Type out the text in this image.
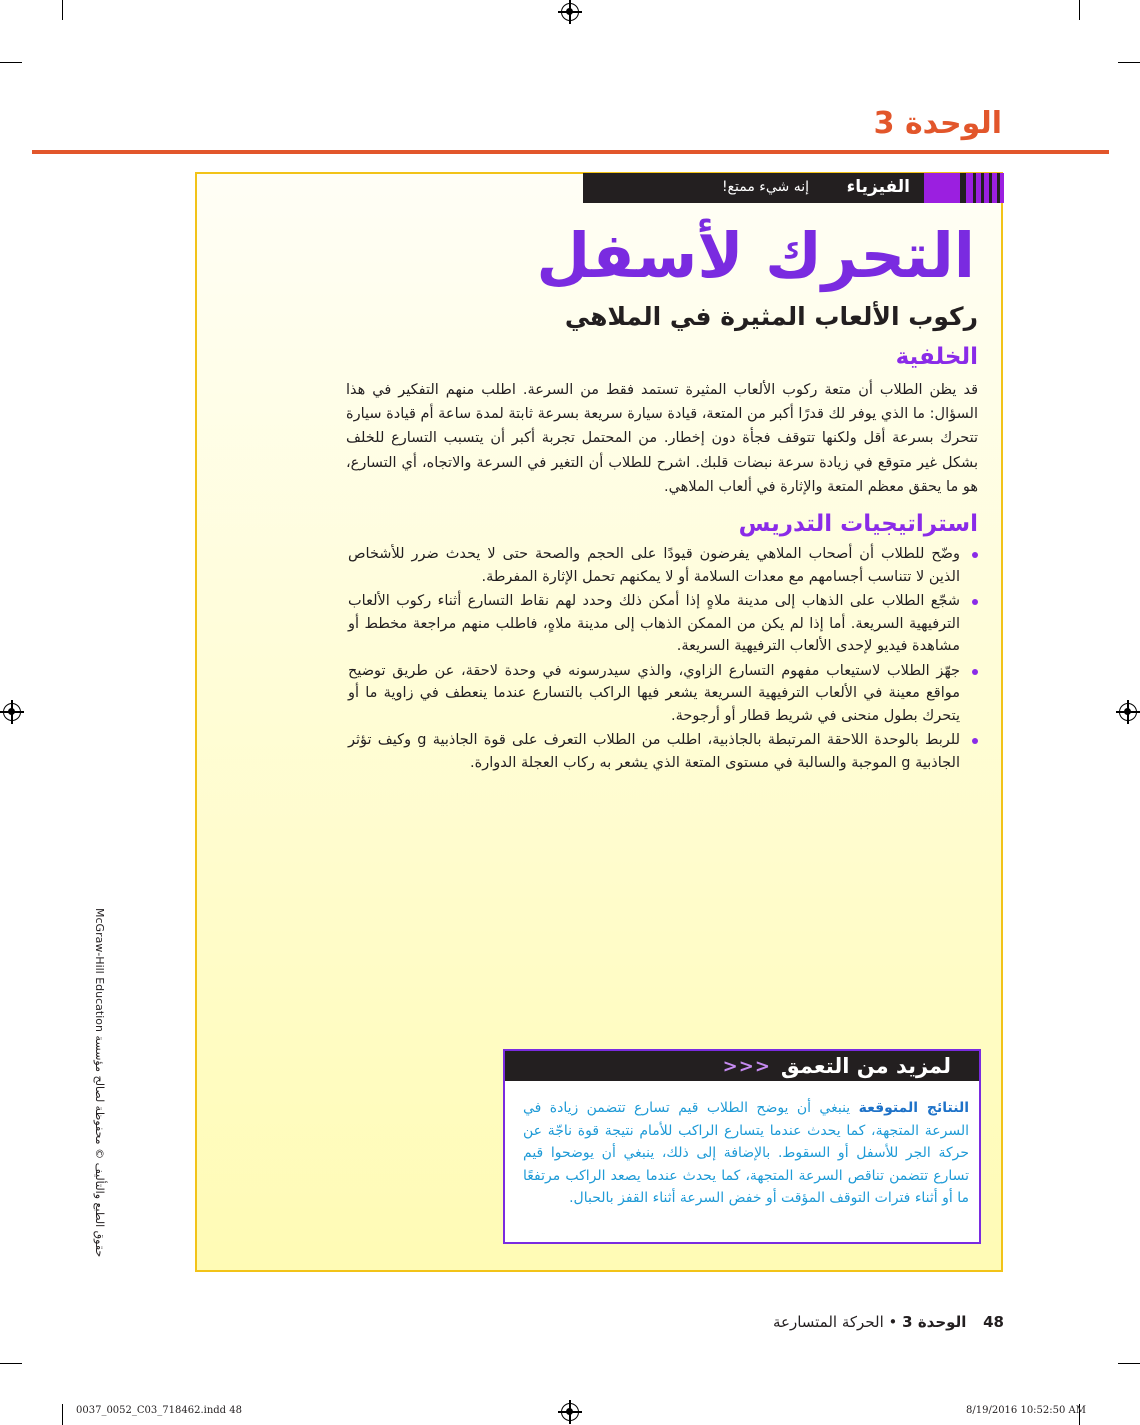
الوحدة 3
الفيزياء
إنه شيء ممتع!
التحرك لأسفل
ركوب الألعاب المثيرة في الملاهي
الخلفية

قد يظن الطلاب أن متعة ركوب الألعاب المثيرة تستمد فقط من السرعة. اطلب منهم التفكير في هذا السؤال: ما الذي يوفر لك قدرًا أكبر من المتعة، قيادة سيارة سريعة بسرعة ثابتة لمدة ساعة أم قيادة سيارة تتحرك بسرعة أقل ولكنها تتوقف فجأة دون إخطار. من المحتمل تجربة أكبر أن يتسبب التسارع للخلف بشكل غير متوقع في زيادة سرعة نبضات قلبك. اشرح للطلاب أن التغير في السرعة والاتجاه، أي التسارع، هو ما يحقق معظم المتعة والإثارة في ألعاب الملاهي.

استراتيجيات التدريس
وضّح للطلاب أن أصحاب الملاهي يفرضون قيودًا على الحجم والصحة حتى لا يحدث ضرر للأشخاص الذين لا تتناسب أجسامهم مع معدات السلامة أو لا يمكنهم تحمل الإثارة المفرطة.
شجّع الطلاب على الذهاب إلى مدينة ملاهٍ إذا أمكن ذلك وحدد لهم نقاط التسارع أثناء ركوب الألعاب الترفيهية السريعة. أما إذا لم يكن من الممكن الذهاب إلى مدينة ملاهٍ، فاطلب منهم مراجعة مخطط أو مشاهدة فيديو لإحدى الألعاب الترفيهية السريعة.
جهّز الطلاب لاستيعاب مفهوم التسارع الزاوي، والذي سيدرسونه في وحدة لاحقة، عن طريق توضيح مواقع معينة في الألعاب الترفيهية السريعة يشعر فيها الراكب بالتسارع عندما ينعطف في زاوية ما أو يتحرك بطول منحنى في شريط قطار أو أرجوحة.
للربط بالوحدة اللاحقة المرتبطة بالجاذبية، اطلب من الطلاب التعرف على قوة الجاذبية g وكيف تؤثر الجاذبية g الموجبة والسالبة في مستوى المتعة الذي يشعر به ركاب العجلة الدوارة.
لمزيد من التعمق
<<<

النتائج المتوقعة ينبغي أن يوضح الطلاب قيم تسارع تتضمن زيادة في السرعة المتجهة، كما يحدث عندما يتسارع الراكب للأمام نتيجة قوة ناجّة عن حركة الجر للأسفل أو السقوط. بالإضافة إلى ذلك، ينبغي أن يوضحوا قيم تسارع تتضمن تناقص السرعة المتجهة، كما يحدث عندما يصعد الراكب مرتفعًا ما أو أثناء فترات التوقف المؤقت أو خفض السرعة أثناء القفز بالحبال.

حقوق الطبع والتأليف © محفوظة لصالح مؤسسة McGraw-Hill Education
48 الوحدة 3 • الحركة المتسارعة
0037_0052_C03_718462.indd 48	8/19/2016 10:52:50 AM
